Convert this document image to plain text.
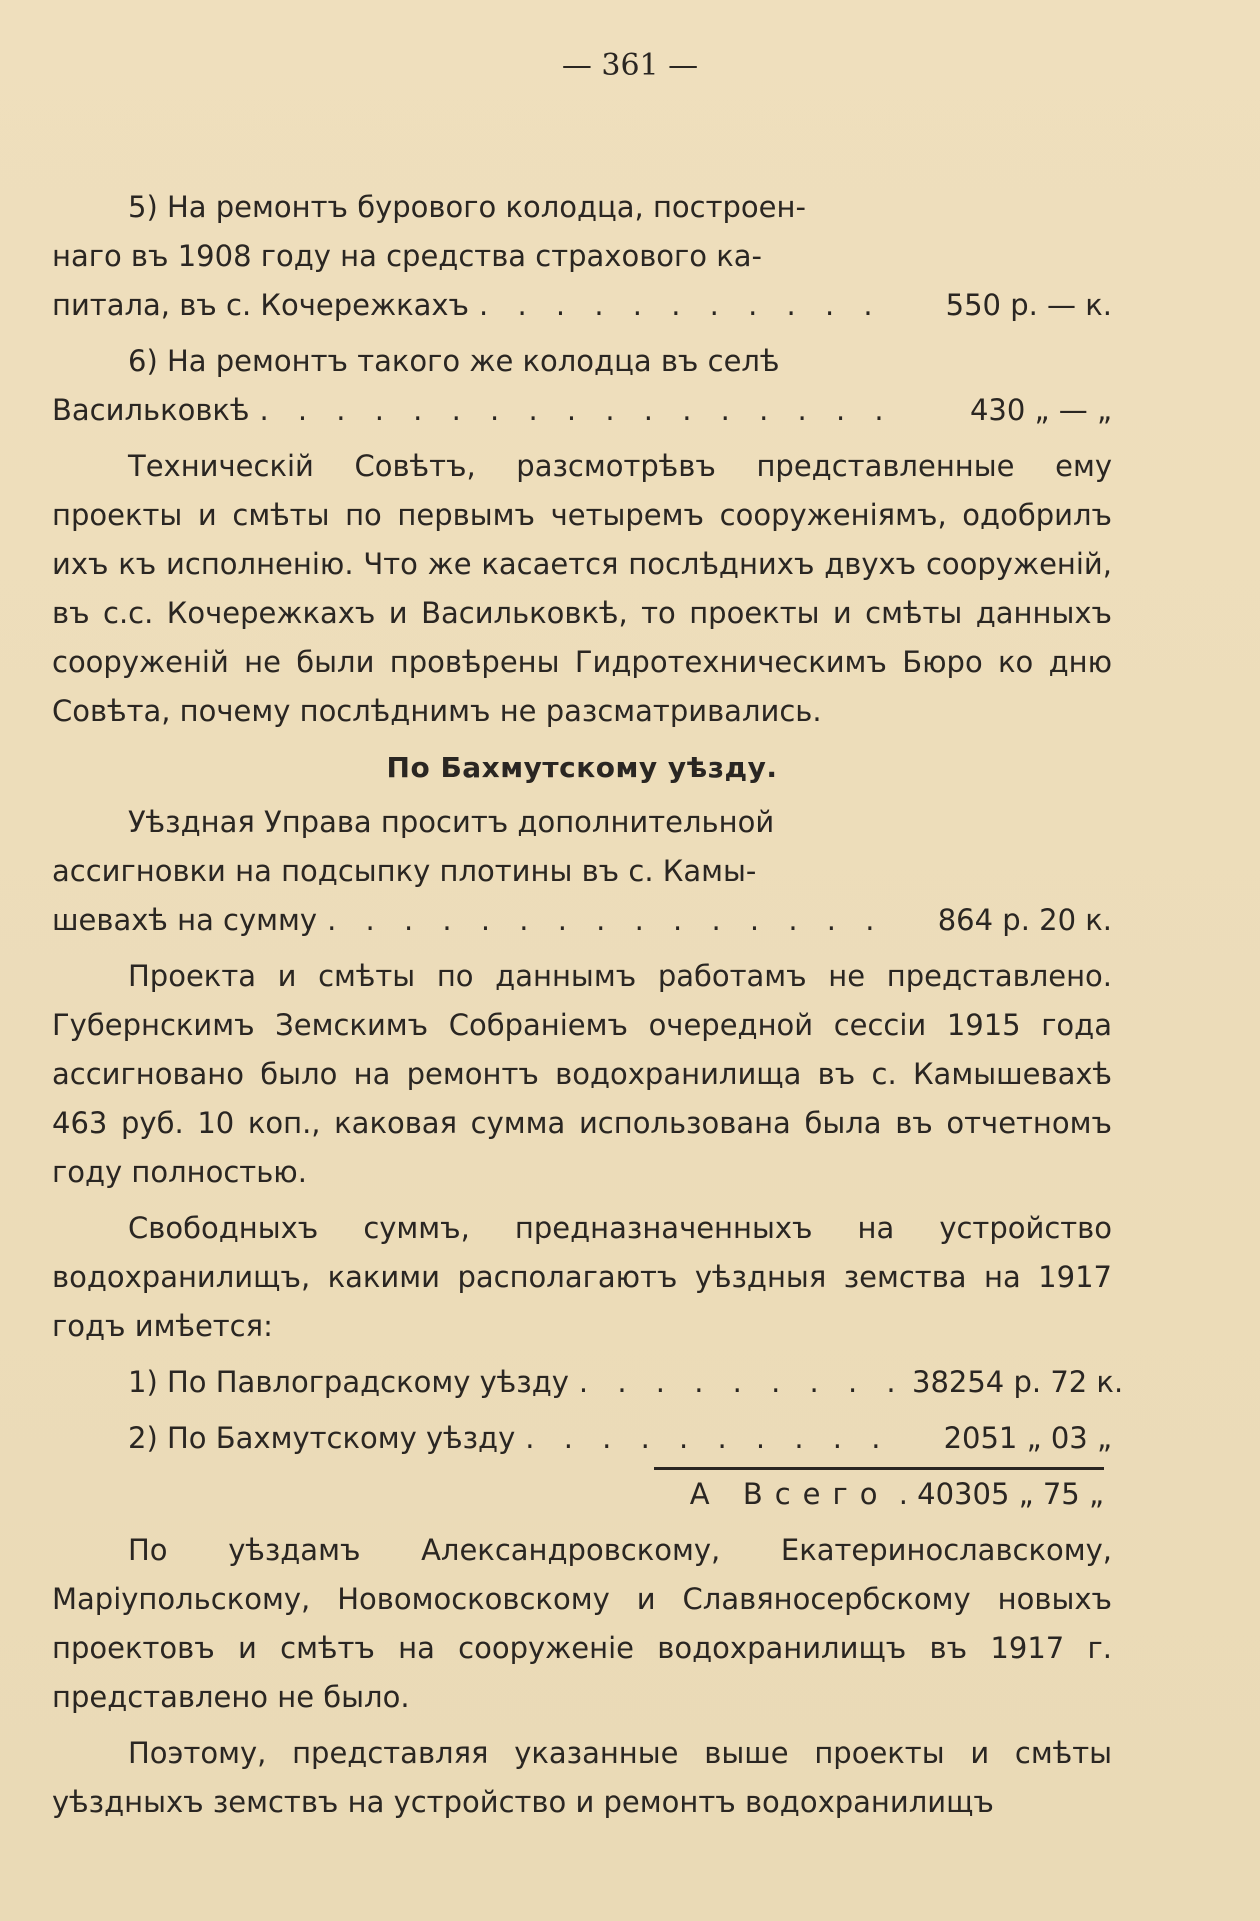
— 361 —
5) На ремонтъ бурового колодца, построен-
наго въ 1908 году на средства страхового ка-
питала, въ с. Кочережкахъ . . .	550 р. — к.
6) На ремонтъ такого же колодца въ селѣ
Васильковкѣ . . .	430 „ — „

Техническій Совѣтъ, разсмотрѣвъ представленные ему проекты и смѣты по первымъ четыремъ сооруженіямъ, одобрилъ ихъ къ исполненію. Что же касается послѣднихъ двухъ сооруженій, въ с.с. Кочережкахъ и Васильковкѣ, то проекты и смѣты данныхъ сооруженій не были провѣрены Гидротехническимъ Бюро ко дню Совѣта, почему послѣднимъ не разсматривались.

По Бахмутскому уѣзду.
Уѣздная Управа проситъ дополнительной
ассигновки на подсыпку плотины въ с. Камы-
шевахѣ на сумму . . .	864 р. 20 к.

Проекта и смѣты по даннымъ работамъ не представлено. Губернскимъ Земскимъ Собраніемъ очередной сессіи 1915 года ассигновано было на ремонтъ водохранилища въ с. Камышевахѣ 463 руб. 10 коп., каковая сумма использована была въ отчетномъ году полностью.

Свободныхъ суммъ, предназначенныхъ на устройство водохранилищъ, какими располагаютъ уѣздныя земства на 1917 годъ имѣется:

1) По Павлоградскому уѣзду . . .	38254 р. 72 к.
2) По Бахмутскому уѣзду . . .	2051 „ 03 „
А Всего . 40305 „ 75 „

По уѣздамъ Александровскому, Екатеринославскому, Маріупольскому, Новомосковскому и Славяносербскому новыхъ проектовъ и смѣтъ на сооруженіе водохранилищъ въ 1917 г. представлено не было.

Поэтому, представляя указанные выше проекты и смѣты уѣздныхъ земствъ на устройство и ремонтъ водохранилищъ
